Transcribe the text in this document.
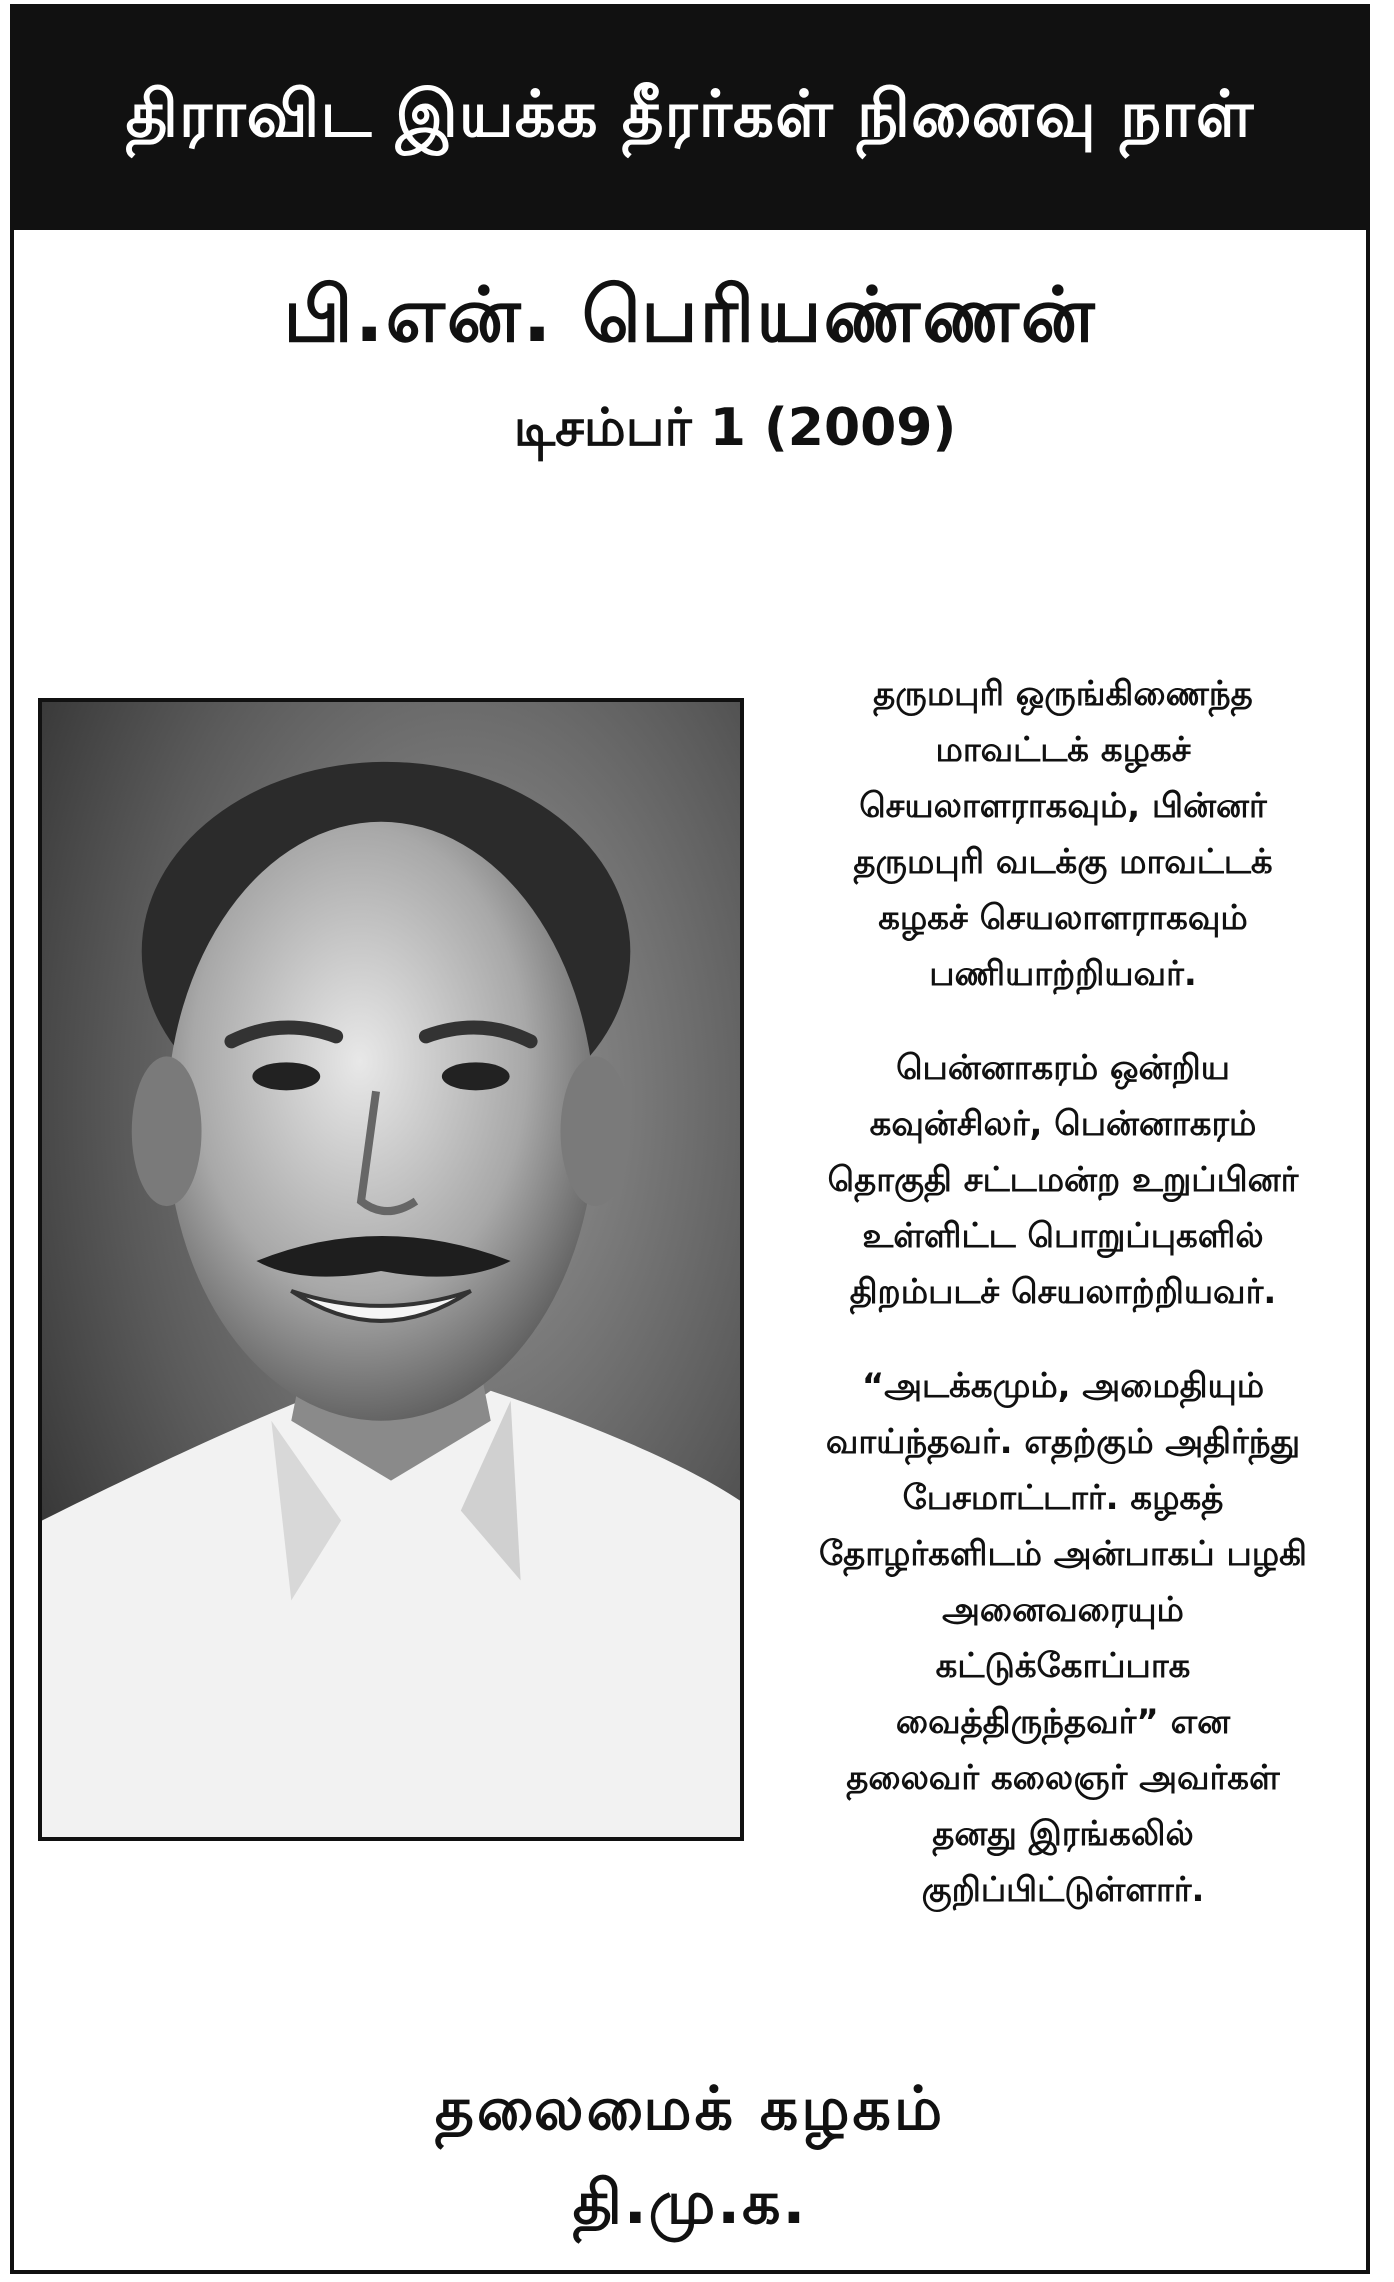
திராவிட இயக்க தீரர்கள் நினைவு நாள்
பி.என். பெரியண்ணன்
டிசம்பர் 1 (2009)

தருமபுரி ஒருங்கிணைந்த
மாவட்டக் கழகச்
செயலாளராகவும், பின்னர்
தருமபுரி வடக்கு மாவட்டக்
கழகச் செயலாளராகவும்
பணியாற்றியவர்.

பென்னாகரம் ஒன்றிய
கவுன்சிலர், பென்னாகரம்
தொகுதி சட்டமன்ற உறுப்பினர்
உள்ளிட்ட பொறுப்புகளில்
திறம்படச் செயலாற்றியவர்.

“அடக்கமும், அமைதியும்
வாய்ந்தவர். எதற்கும் அதிர்ந்து
பேசமாட்டார். கழகத்
தோழர்களிடம் அன்பாகப் பழகி
அனைவரையும்
கட்டுக்கோப்பாக
வைத்திருந்தவர்” என
தலைவர் கலைஞர் அவர்கள்
தனது இரங்கலில்
குறிப்பிட்டுள்ளார்.

தலைமைக் கழகம்
தி.மு.க.
